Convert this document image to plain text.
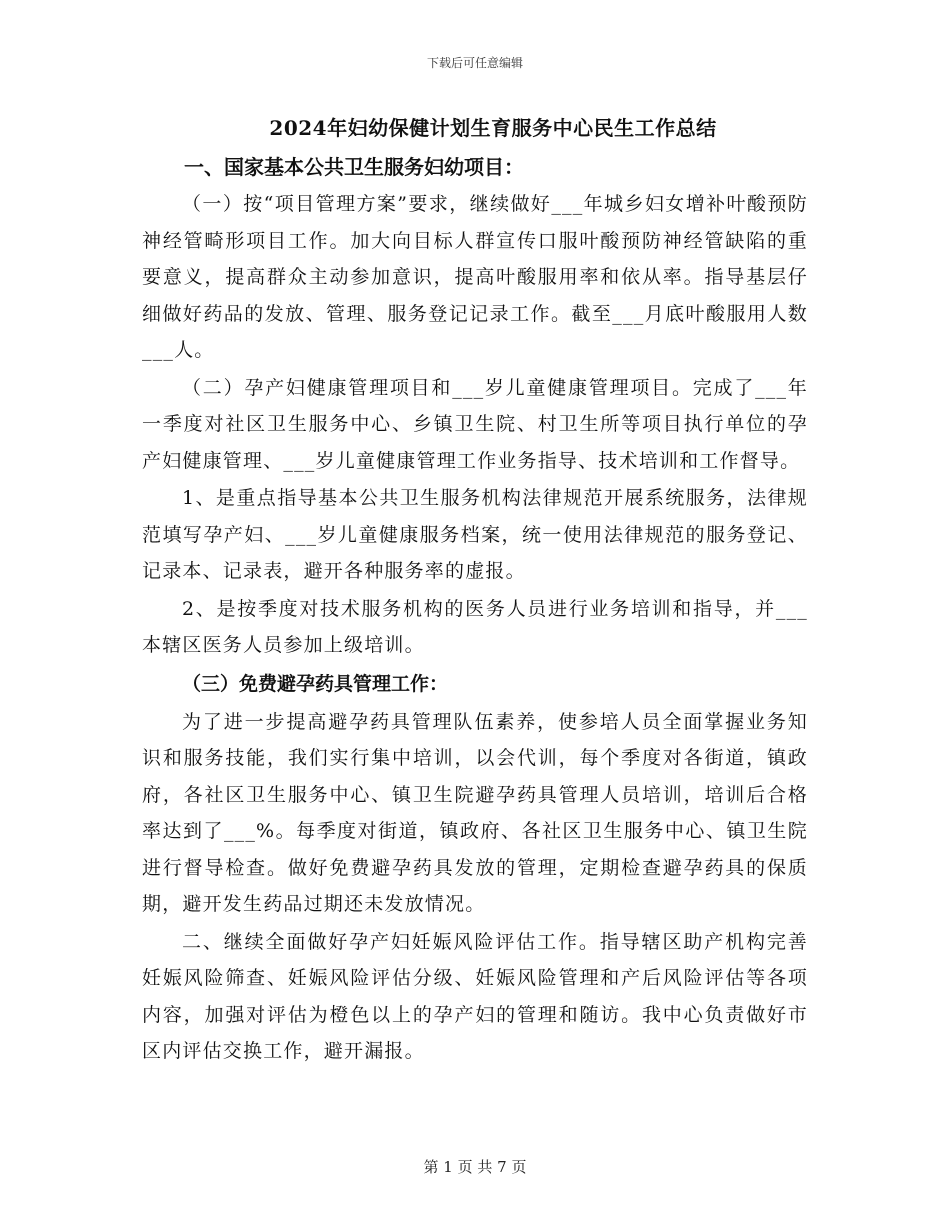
下载后可任意编辑
2024年妇幼保健计划生育服务中心民生工作总结
一、国家基本公共卫生服务妇幼项目：

（一）按“项目管理方案”要求，继续做好___年城乡妇女增补叶酸预防神经管畸形项目工作。加大向目标人群宣传口服叶酸预防神经管缺陷的重要意义，提高群众主动参加意识，提高叶酸服用率和依从率。指导基层仔细做好药品的发放、管理、服务登记记录工作。截至___月底叶酸服用人数___人。

（二）孕产妇健康管理项目和___岁儿童健康管理项目。完成了___年一季度对社区卫生服务中心、乡镇卫生院、村卫生所等项目执行单位的孕产妇健康管理、___岁儿童健康管理工作业务指导、技术培训和工作督导。

1、是重点指导基本公共卫生服务机构法律规范开展系统服务，法律规范填写孕产妇、___岁儿童健康服务档案，统一使用法律规范的服务登记、记录本、记录表，避开各种服务率的虚报。

2、是按季度对技术服务机构的医务人员进行业务培训和指导，并___本辖区医务人员参加上级培训。

（三）免费避孕药具管理工作：

为了进一步提高避孕药具管理队伍素养，使参培人员全面掌握业务知识和服务技能，我们实行集中培训，以会代训，每个季度对各街道，镇政府，各社区卫生服务中心、镇卫生院避孕药具管理人员培训，培训后合格率达到了___%。每季度对街道，镇政府、各社区卫生服务中心、镇卫生院进行督导检查。做好免费避孕药具发放的管理，定期检查避孕药具的保质期，避开发生药品过期还未发放情况。

二、继续全面做好孕产妇妊娠风险评估工作。指导辖区助产机构完善妊娠风险筛查、妊娠风险评估分级、妊娠风险管理和产后风险评估等各项内容，加强对评估为橙色以上的孕产妇的管理和随访。我中心负责做好市区内评估交换工作，避开漏报。

第 1 页 共 7 页
